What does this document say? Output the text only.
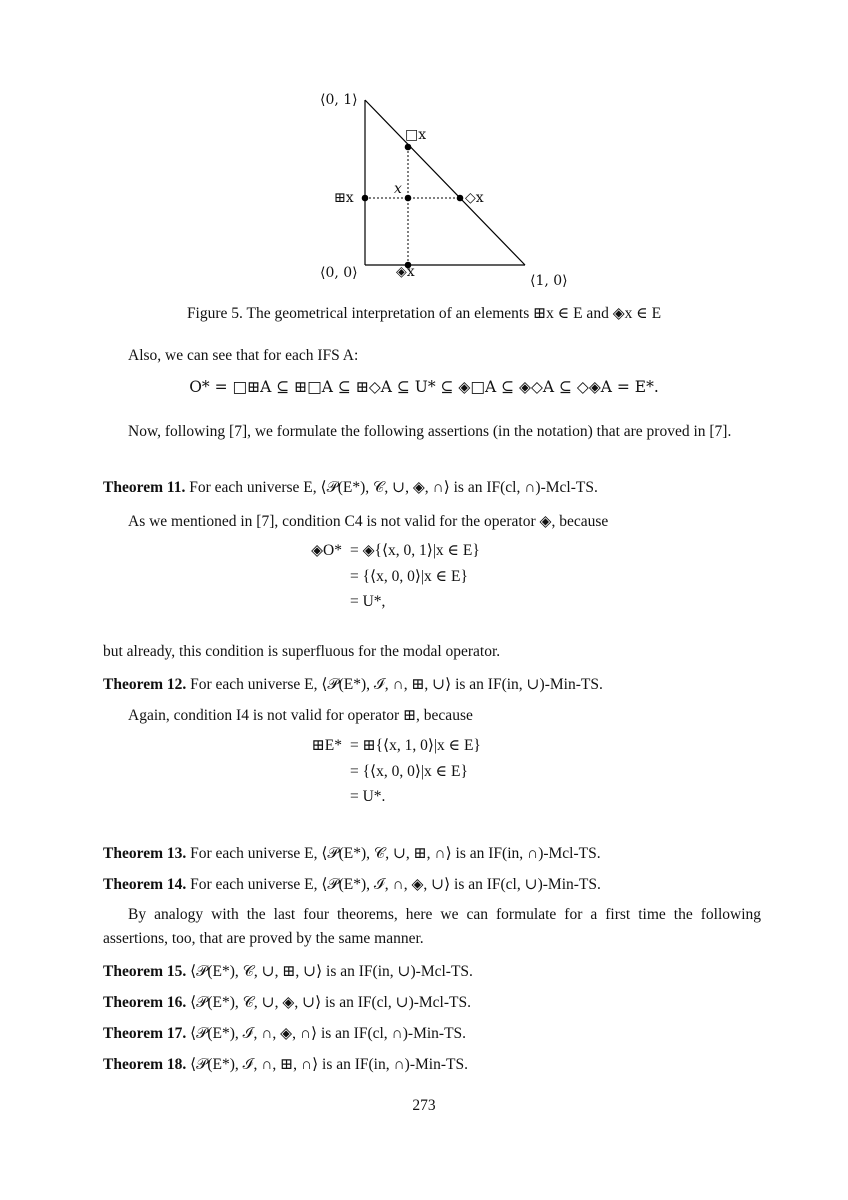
⟨0, 1⟩
□x
⊞x
x
◇x
⟨0, 0⟩	◈x
⟨1, 0⟩
Figure 5. The geometrical interpretation of an elements ⊞x ∈ E and ◈x ∈ E
Also, we can see that for each IFS A:
O* = □⊞A ⊆ ⊞□A ⊆ ⊞◇A ⊆ U* ⊆ ◈□A ⊆ ◈◇A ⊆ ◇◈A = E*.
Now, following [7], we formulate the following assertions (in the notation) that are proved in [7].
Theorem 11. For each universe E, ⟨𝒫(E*), 𝒞, ∪, ◈, ∩⟩ is an IF(cl, ∩)-Mcl-TS.
As we mentioned in [7], condition C4 is not valid for the operator ◈, because
◈O* = ◈{⟨x, 0, 1⟩|x ∈ E}
= {⟨x, 0, 0⟩|x ∈ E}
= U*,
but already, this condition is superfluous for the modal operator.
Theorem 12. For each universe E, ⟨𝒫(E*), ℐ, ∩, ⊞, ∪⟩ is an IF(in, ∪)-Min-TS.
Again, condition I4 is not valid for operator ⊞, because
⊞E* = ⊞{⟨x, 1, 0⟩|x ∈ E}
= {⟨x, 0, 0⟩|x ∈ E}
= U*.
Theorem 13. For each universe E, ⟨𝒫(E*), 𝒞, ∪, ⊞, ∩⟩ is an IF(in, ∩)-Mcl-TS.
Theorem 14. For each universe E, ⟨𝒫(E*), ℐ, ∩, ◈, ∪⟩ is an IF(cl, ∪)-Min-TS.
By analogy with the last four theorems, here we can formulate for a first time the following assertions, too, that are proved by the same manner.
Theorem 15. ⟨𝒫(E*), 𝒞, ∪, ⊞, ∪⟩ is an IF(in, ∪)-Mcl-TS.
Theorem 16. ⟨𝒫(E*), 𝒞, ∪, ◈, ∪⟩ is an IF(cl, ∪)-Mcl-TS.
Theorem 17. ⟨𝒫(E*), ℐ, ∩, ◈, ∩⟩ is an IF(cl, ∩)-Min-TS.
Theorem 18. ⟨𝒫(E*), ℐ, ∩, ⊞, ∩⟩ is an IF(in, ∩)-Min-TS.
273
